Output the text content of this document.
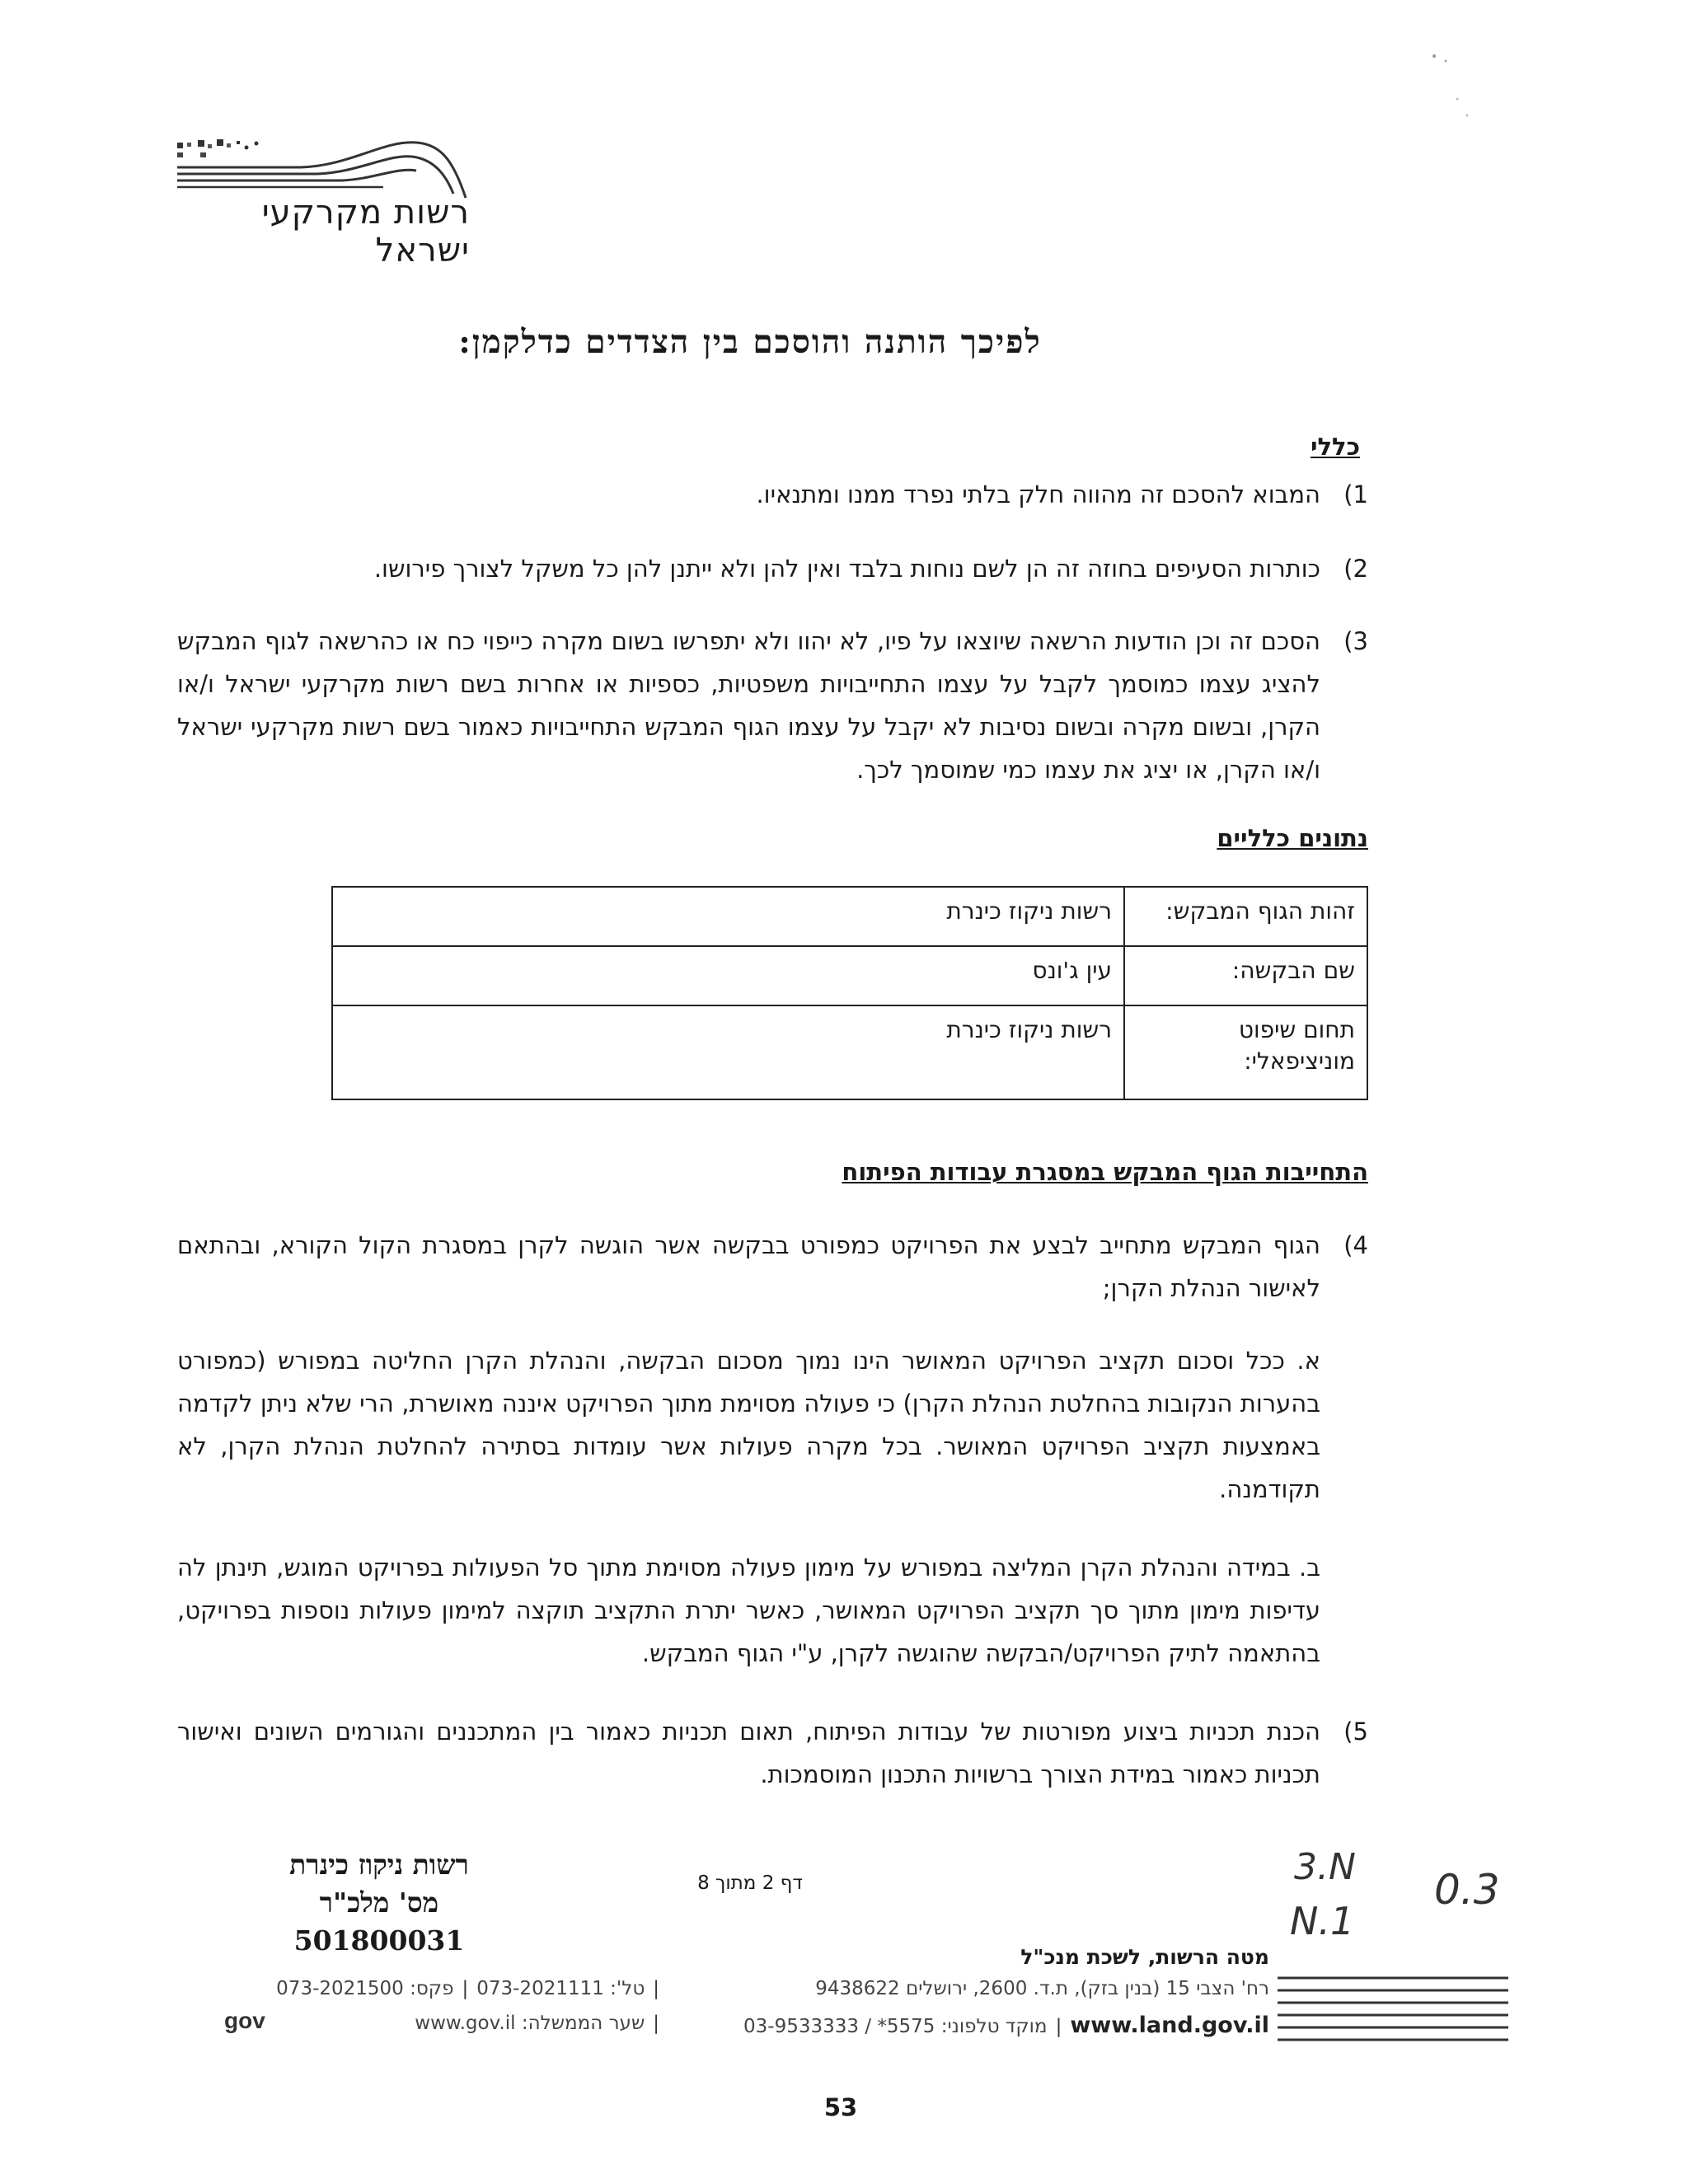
רשות מקרקעי ישראל
לפיכך הותנה והוסכם בין הצדדים כדלקמן:
כללי
1)
המבוא להסכם זה מהווה חלק בלתי נפרד ממנו ומתנאיו.
2)
כותרות הסעיפים בחוזה זה הן לשם נוחות בלבד ואין להן ולא ייתנן להן כל משקל לצורך פירושו.
3)
הסכם זה וכן הודעות הרשאה שיוצאו על פיו, לא יהוו ולא יתפרשו בשום מקרה כייפוי כח או כהרשאה לגוף המבקש להציג עצמו כמוסמך לקבל על עצמו התחייבויות משפטיות, כספיות או אחרות בשם רשות מקרקעי ישראל ו/או הקרן, ובשום מקרה ובשום נסיבות לא יקבל על עצמו הגוף המבקש התחייבויות כאמור בשם רשות מקרקעי ישראל ו/או הקרן, או יציג את עצמו כמי שמוסמך לכך.
נתונים כלליים
זהות הגוף המבקש:	רשות ניקוז כינרת
שם הבקשה:	עין ג'ונס
תחום שיפוט מוניציפאלי:	רשות ניקוז כינרת
התחייבות הגוף המבקש במסגרת עבודות הפיתוח
4)
הגוף המבקש מתחייב לבצע את הפרויקט כמפורט בבקשה אשר הוגשה לקרן במסגרת הקול הקורא, ובהתאם לאישור הנהלת הקרן;
א. ככל וסכום תקציב הפרויקט המאושר הינו נמוך מסכום הבקשה, והנהלת הקרן החליטה במפורש (כמפורט בהערות הנקובות בהחלטת הנהלת הקרן) כי פעולה מסוימת מתוך הפרויקט איננה מאושרת, הרי שלא ניתן לקדמה באמצעות תקציב הפרויקט המאושר. בכל מקרה פעולות אשר עומדות בסתירה להחלטת הנהלת הקרן, לא תקודמנה.
ב. במידה והנהלת הקרן המליצה במפורש על מימון פעולה מסוימת מתוך סל הפעולות בפרויקט המוגש, תינתן לה עדיפות מימון מתוך סך תקציב הפרויקט המאושר, כאשר יתרת התקציב תוקצה למימון פעולות נוספות בפרויקט, בהתאמה לתיק הפרויקט/הבקשה שהוגשה לקרן, ע"י הגוף המבקש.
5)
הכנת תכניות ביצוע מפורטות של עבודות הפיתוח, תאום תכניות כאמור בין המתכננים והגורמים השונים ואישור תכניות כאמור במידת הצורך ברשויות התכנון המוסמכות.
רשות ניקוז כינרת
מס' מלכ"ר 501800031
דף 2 מתוך 8	3.N
N.1
0.3
מטה הרשות, לשכת מנכ"ל
רח' הצבי 15 (בנין בזק), ת.ד. 2600, ירושלים 9438622
www.land.gov.il|מוקד טלפוני: 5575* / 03-9533333
|טל': 073-2021111|פקס: 073-2021500
|שער הממשלה: www.gov.il
gov
53
